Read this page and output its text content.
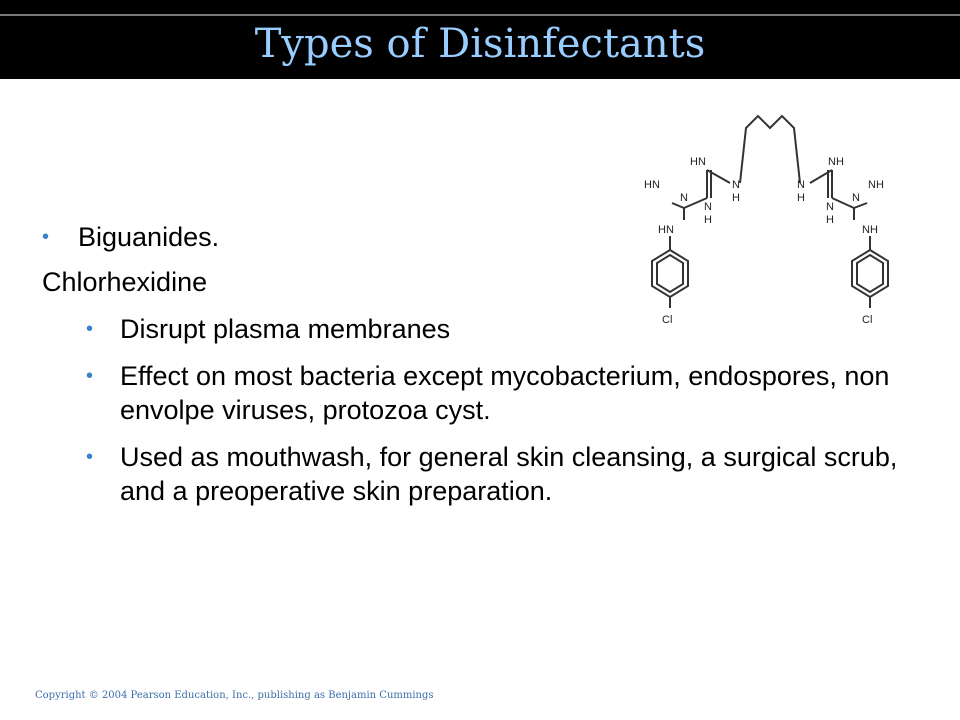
Types of Disinfectants
HN	NH
HN	NH
HN	NH
N
H
N
H
N
H
N
H
N	N
Cl	Cl
• Biguanides.
Chlorhexidine
• Disrupt plasma membranes
• Effect on most bacteria except mycobacterium, endospores, non envolpe viruses, protozoa cyst.
• Used as mouthwash, for general skin cleansing, a surgical scrub, and a preoperative skin preparation.
Copyright © 2004 Pearson Education, Inc., publishing as Benjamin Cummings
